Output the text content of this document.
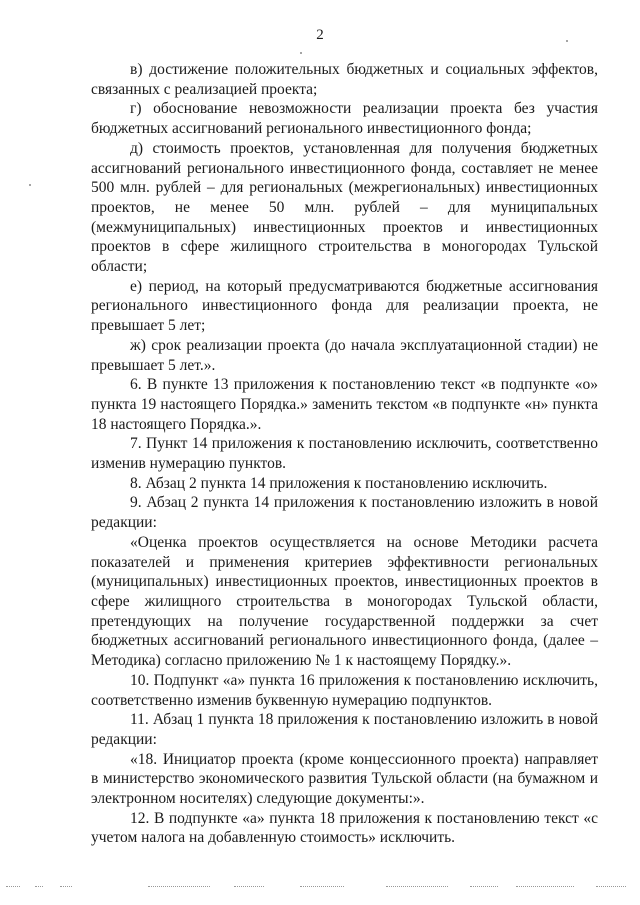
2

в) достижение положительных бюджетных и социальных эффектов, связанных с реализацией проекта;

г) обоснование невозможности реализации проекта без участия бюджетных ассигнований регионального инвестиционного фонда;

д) стоимость проектов, установленная для получения бюджетных ассигнований регионального инвестиционного фонда, составляет не менее 500 млн. рублей – для региональных (межрегиональных) инвестиционных проектов, не менее 50 млн. рублей – для муниципальных (межмуниципальных) инвестиционных проектов и инвестиционных проектов в сфере жилищного строительства в моногородах Тульской области;

е) период, на который предусматриваются бюджетные ассигнования регионального инвестиционного фонда для реализации проекта, не превышает 5 лет;

ж) срок реализации проекта (до начала эксплуатационной стадии) не превышает 5 лет.».

6. В пункте 13 приложения к постановлению текст «в подпункте «о» пункта 19 настоящего Порядка.» заменить текстом «в подпункте «н» пункта 18 настоящего Порядка.».

7. Пункт 14 приложения к постановлению исключить, соответственно изменив нумерацию пунктов.

8. Абзац 2 пункта 14 приложения к постановлению исключить.

9. Абзац 2 пункта 14 приложения к постановлению изложить в новой редакции:

«Оценка проектов осуществляется на основе Методики расчета показателей и применения критериев эффективности региональных (муниципальных) инвестиционных проектов, инвестиционных проектов в сфере жилищного строительства в моногородах Тульской области, претендующих на получение государственной поддержки за счет бюджетных ассигнований регионального инвестиционного фонда, (далее – Методика) согласно приложению № 1 к настоящему Порядку.».

10. Подпункт «а» пункта 16 приложения к постановлению исключить, соответственно изменив буквенную нумерацию подпунктов.

11. Абзац 1 пункта 18 приложения к постановлению изложить в новой редакции:

«18. Инициатор проекта (кроме концессионного проекта) направляет в министерство экономического развития Тульской области (на бумажном и электронном носителях) следующие документы:».

12. В подпункте «а» пункта 18 приложения к постановлению текст «с учетом налога на добавленную стоимость» исключить.
